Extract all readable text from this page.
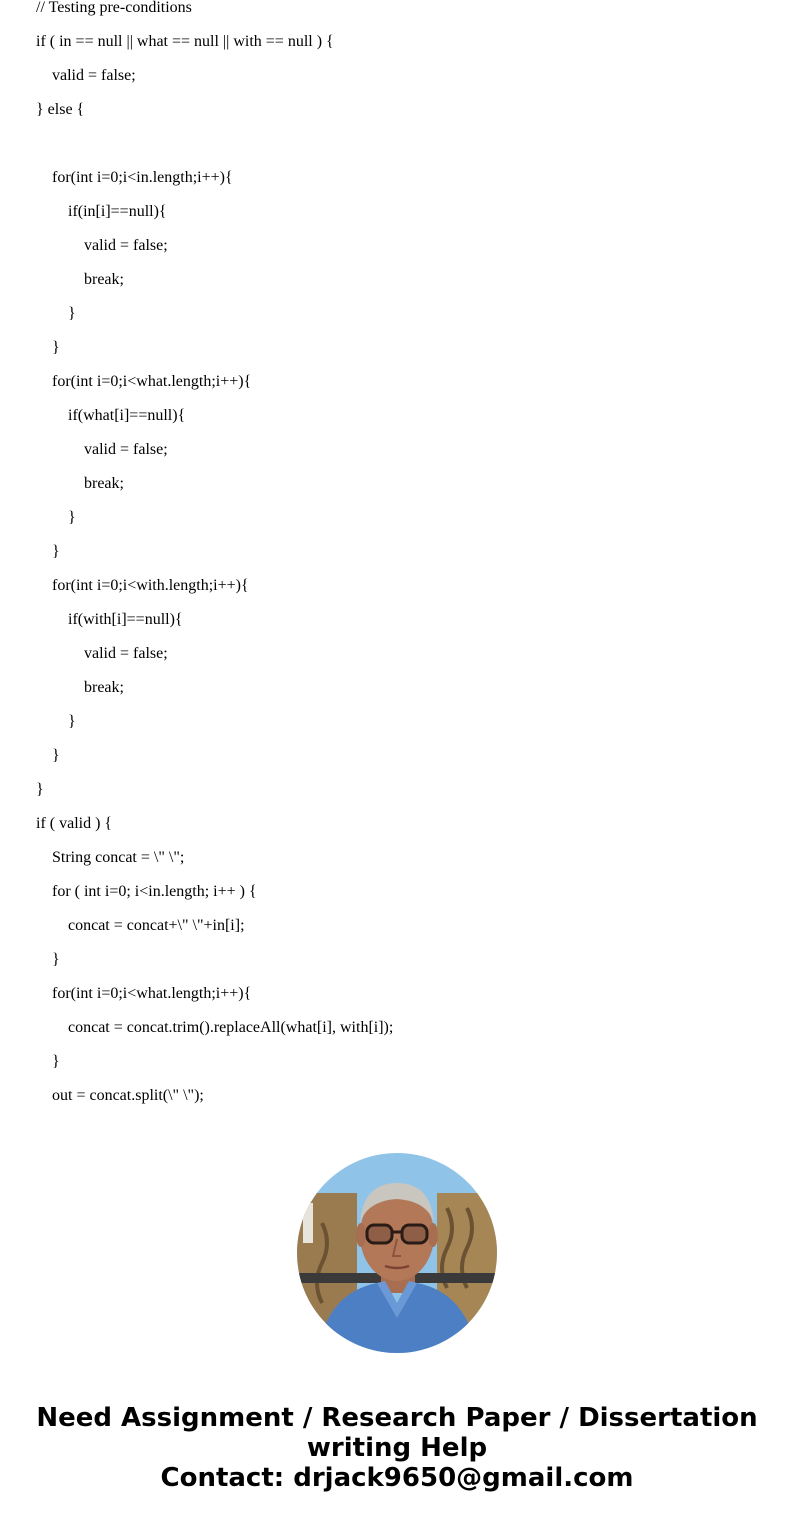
// Testing pre-conditions
if ( in == null || what == null || with == null ) {
valid = false;
} else {
for(int i=0;i<in.length;i++){
if(in[i]==null){
valid = false;
break;
}
}
for(int i=0;i<what.length;i++){
if(what[i]==null){
valid = false;
break;
}
}
for(int i=0;i<with.length;i++){
if(with[i]==null){
valid = false;
break;
}
}
}
if ( valid ) {
String concat = \" \";
for ( int i=0; i<in.length; i++ ) {
concat = concat+\" \"+in[i];
}
for(int i=0;i<what.length;i++){
concat = concat.trim().replaceAll(what[i], with[i]);
}
out = concat.split(\" \");
Need Assignment / Research Paper / Dissertation
writing Help
Contact: drjack9650@gmail.com
